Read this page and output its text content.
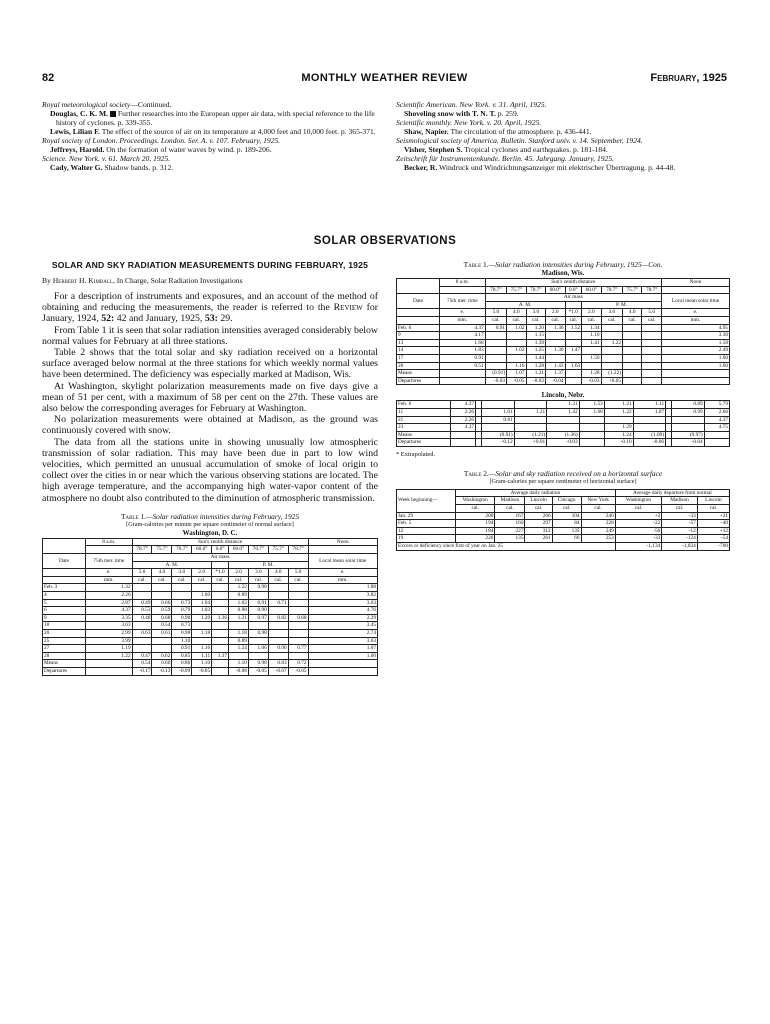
82	MONTHLY WEATHER REVIEW	February, 1925

Royal meteorological society—Continued.

Douglas, C. K. M. Further researches into the European upper air data, with special reference to the life history of cyclones. p. 339-355.

Lewis, Lilian F. The effect of the source of air on its temperature at 4,000 feet and 10,000 feet. p. 365-371.

Royal society of London. Proceedings. London. Ser. A. v. 107. February, 1925.

Jeffreys, Harold. On the formation of water waves by wind. p. 189-206.

Science. New York. v. 61. March 20, 1925.

Cady, Walter G. Shadow bands. p. 312.

Scientific American. New York. v. 31. April, 1925.

Shoveling snow with T. N. T. p. 259.

Scientific monthly. New York. v. 20. April, 1925.

Shaw, Napier. The circulation of the atmosphere. p. 436-441.

Seismological society of America. Bulletin. Stanford univ. v. 14. September, 1924.

Visher, Stephen S. Tropical cyclones and earthquakes. p. 181-184.

Zeitschrift für Instrumentenkunde. Berlin. 45. Jahrgang. January, 1925.

Becker, R. Windruck und Windrichtungsanzeiger mit elektrischer Übertragung. p. 44-48.

SOLAR OBSERVATIONS
SOLAR AND SKY RADIATION MEASUREMENTS DURING FEBRUARY, 1925
By Herbert H. Kimball, In Charge, Solar Radiation Investigations

For a description of instruments and exposures, and an account of the method of obtaining and reducing the measurements, the reader is referred to the Review for January, 1924, 52: 42 and January, 1925, 53: 29.

From Table 1 it is seen that solar radiation intensities averaged considerably below normal values for February at all three stations.

Table 2 shows that the total solar and sky radiation received on a horizontal surface averaged below normal at the three stations for which weekly normal values have been determined. The deficiency was especially marked at Madison, Wis.

At Washington, skylight polarization measurements made on five days give a mean of 51 per cent, with a maximum of 58 per cent on the 27th. These values are also below the corresponding averages for February at Washington.

No polarization measurements were obtained at Madison, as the ground was continuously covered with snow.

The data from all the stations unite in showing unusually low atmospheric transmission of solar radiation. This may have been due in part to low wind velocities, which permitted an unusual accumulation of smoke of local origin to collect over the cities in or near which the various observing stations are located. The high average temperature, and the accompanying high water-vapor content of the atmosphere no doubt also contributed to the diminution of atmospheric transmission.

Table 1.—Solar radiation intensities during February, 1925
[Gram-calories per minute per square centimeter of normal surface]
Washington, D. C.
	8 a.m.	Sun's zenith distance									Noon
		78.7°	75.7°	70.7°	60.0°	0.0°	60.0°	70.7°	75.7°	78.7°	
Date	75th mer. time	Air mass									Local mean solar time
		A. M.					P. M.				
	e.	5.0	4.0	3.0	2.0	*1.0	2.0	3.0	4.0	5.0	e.
	mm.	cal.	cal.	cal.	cal.	cal.	cal.	cal.	cal.	cal.	mm.
Feb. 3	1.32						1.22	0.98			1.88
4	2.26				1.00		0.89				3.82
5	2.87	0.49	0.60	0.73	1.04		1.02	0.91	0.71		3.63
6	4.37	0.53	0.59	0.79	1.03		0.98	0.90			4.76
9	3.35	0.48	0.68	0.90	1.20	1.36	1.21	0.97	0.82	0.68	2.29
18	3.63		0.54	0.73							3.45
20	2.99	0.63	0.61	0.98	1.18		1.18	0.98			2.74
25	3.99			1.10			0.89				3.63
27	1.19			0.91	1.16		1.24	1.06	0.90	0.77	1.07
28	1.22	0.47	0.62	0.85	1.11	1.37					1.00
Means		0.54	0.60	0.80	1.10		1.10	0.98	0.83	0.72	
Departures		-0.17	-0.13	-0.09	-0.05		-0.08	-0.05	-0.07	-0.05	
Table 1.—Solar radiation intensities during February, 1925—Con.
Madison, Wis.
	8 a.m.	Sun's zenith distance									Noon
		78.7°	75.7°	70.7°	60.0°	0.0°	60.0°	70.7°	75.7°	78.7°	
Date	75th mer. time	Air mass									Local mean solar time
		A. M.					P. M.				
	e.	5.0	4.0	3.0	2.0	*1.0	2.0	3.0	4.0	5.0	e.
	mm.	cal.	cal.	cal.	cal.	cal.	cal.	cal.	cal.	cal.	mm.
Feb. 6	4.37	0.91	1.02	1.20	1.36	1.52	1.34				4.95
9	4.17			1.15			1.10				3.30
13	1.68			1.39			1.41	1.22			1.58
14	1.83		1.02	1.25	1.30	1.47					2.49
17	0.91			1.44			1.50				1.00
20	0.51		1.16	1.28	1.43	1.63					1.60
Means		(0.91)	1.07	1.21	1.37		1.28	(1.22)			
Departures		-0.03	-0.05	-0.02	-0.04		-0.03	+0.05			
Lincoln, Nebr.
Feb. 6	4.37				1.31	1.53	1.21	1.11		0.89	5.79
11	2.26		1.01	1.21	1.42	1.68	1.22	1.07		0.99	2.66
21	2.26		0.81								4.37
23	4.37						1.29				4.75
Means			(0.91)	(1.21)	(1.36)		1.24	(1.09)		(0.97)	
Departures			-0.12	+0.01	-0.03		-0.10	-0.06		-0.04	
* Extrapolated.
Table 2.—Solar and sky radiation received on a horizontal surface
[Gram-calories per square centimeter of horizontal surface]
Week beginning—	Average daily radiation					Average daily departure from normal		
	Washington	Madison	Lincoln	Chicago	New York	Washington	Madison	Lincoln
	cal.	cal.	cal.	cal.	cal.	cal.	cal.	cal.
Jan. 29	200	167	266	104	240	+2	-33	+21
Feb. 5	194	160	297	84	228	-22	-57	-40
12	184	227	312	135	249	-50	-12	+12
19	226	135	261	66	253	-33	-124	-54
Excess or deficiency since first of year on Jan. 25						-1,134	-1,834	-700
